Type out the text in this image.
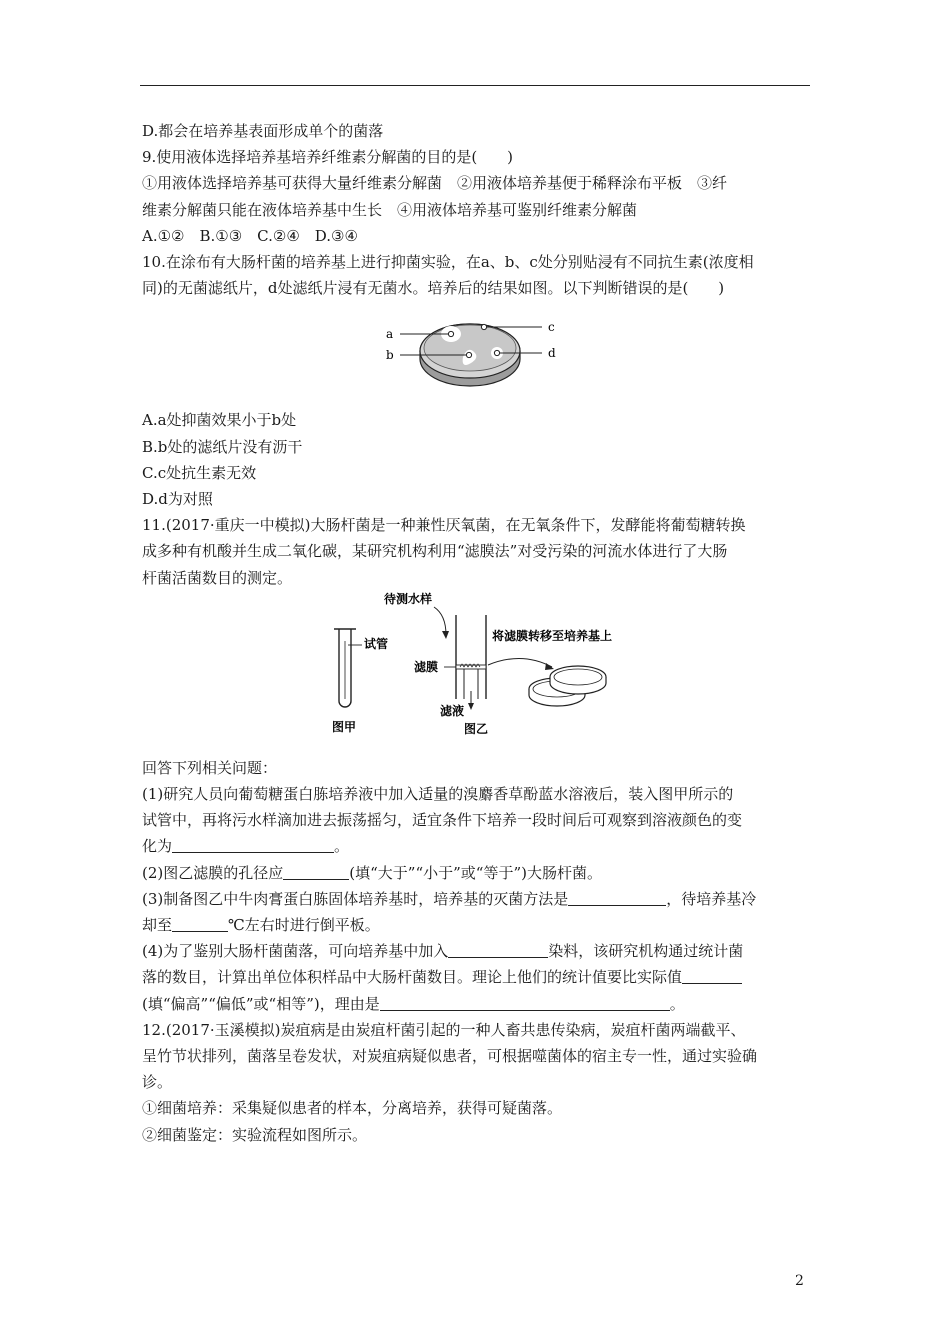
D.都会在培养基表面形成单个的菌落
9.使用液体选择培养基培养纤维素分解菌的目的是(　　)
①用液体选择培养基可获得大量纤维素分解菌　②用液体培养基便于稀释涂布平板　③纤
维素分解菌只能在液体培养基中生长　④用液体培养基可鉴别纤维素分解菌
A.①②　B.①③　C.②④　D.③④
10.在涂布有大肠杆菌的培养基上进行抑菌实验，在a、b、c处分别贴浸有不同抗生素(浓度相
同)的无菌滤纸片，d处滤纸片浸有无菌水。培养后的结果如图。以下判断错误的是(　　)
a
b
c
d
A.a处抑菌效果小于b处
B.b处的滤纸片没有沥干
C.c处抗生素无效
D.d为对照
11.(2017·重庆一中模拟)大肠杆菌是一种兼性厌氧菌，在无氧条件下，发酵能将葡萄糖转换
成多种有机酸并生成二氧化碳，某研究机构利用“滤膜法”对受污染的河流水体进行了大肠
杆菌活菌数目的测定。
试管
图甲
待测水样
滤膜
滤液
图乙
将滤膜转移至培养基上
回答下列相关问题：
(1)研究人员向葡萄糖蛋白胨培养液中加入适量的溴麝香草酚蓝水溶液后，装入图甲所示的
试管中，再将污水样滴加进去振荡摇匀，适宜条件下培养一段时间后可观察到溶液颜色的变
化为	。
(2)图乙滤膜的孔径应	(填“大于”“小于”或“等于”)大肠杆菌。
(3)制备图乙中牛肉膏蛋白胨固体培养基时，培养基的灭菌方法是	，待培养基冷
却至	℃左右时进行倒平板。
(4)为了鉴别大肠杆菌菌落，可向培养基中加入	染料，该研究机构通过统计菌
落的数目，计算出单位体积样品中大肠杆菌数目。理论上他们的统计值要比实际值
(填“偏高”“偏低”或“相等”)，理由是	。
12.(2017·玉溪模拟)炭疽病是由炭疽杆菌引起的一种人畜共患传染病，炭疽杆菌两端截平、
呈竹节状排列，菌落呈卷发状，对炭疽病疑似患者，可根据噬菌体的宿主专一性，通过实验确
诊。
①细菌培养：采集疑似患者的样本，分离培养，获得可疑菌落。
②细菌鉴定：实验流程如图所示。
2
